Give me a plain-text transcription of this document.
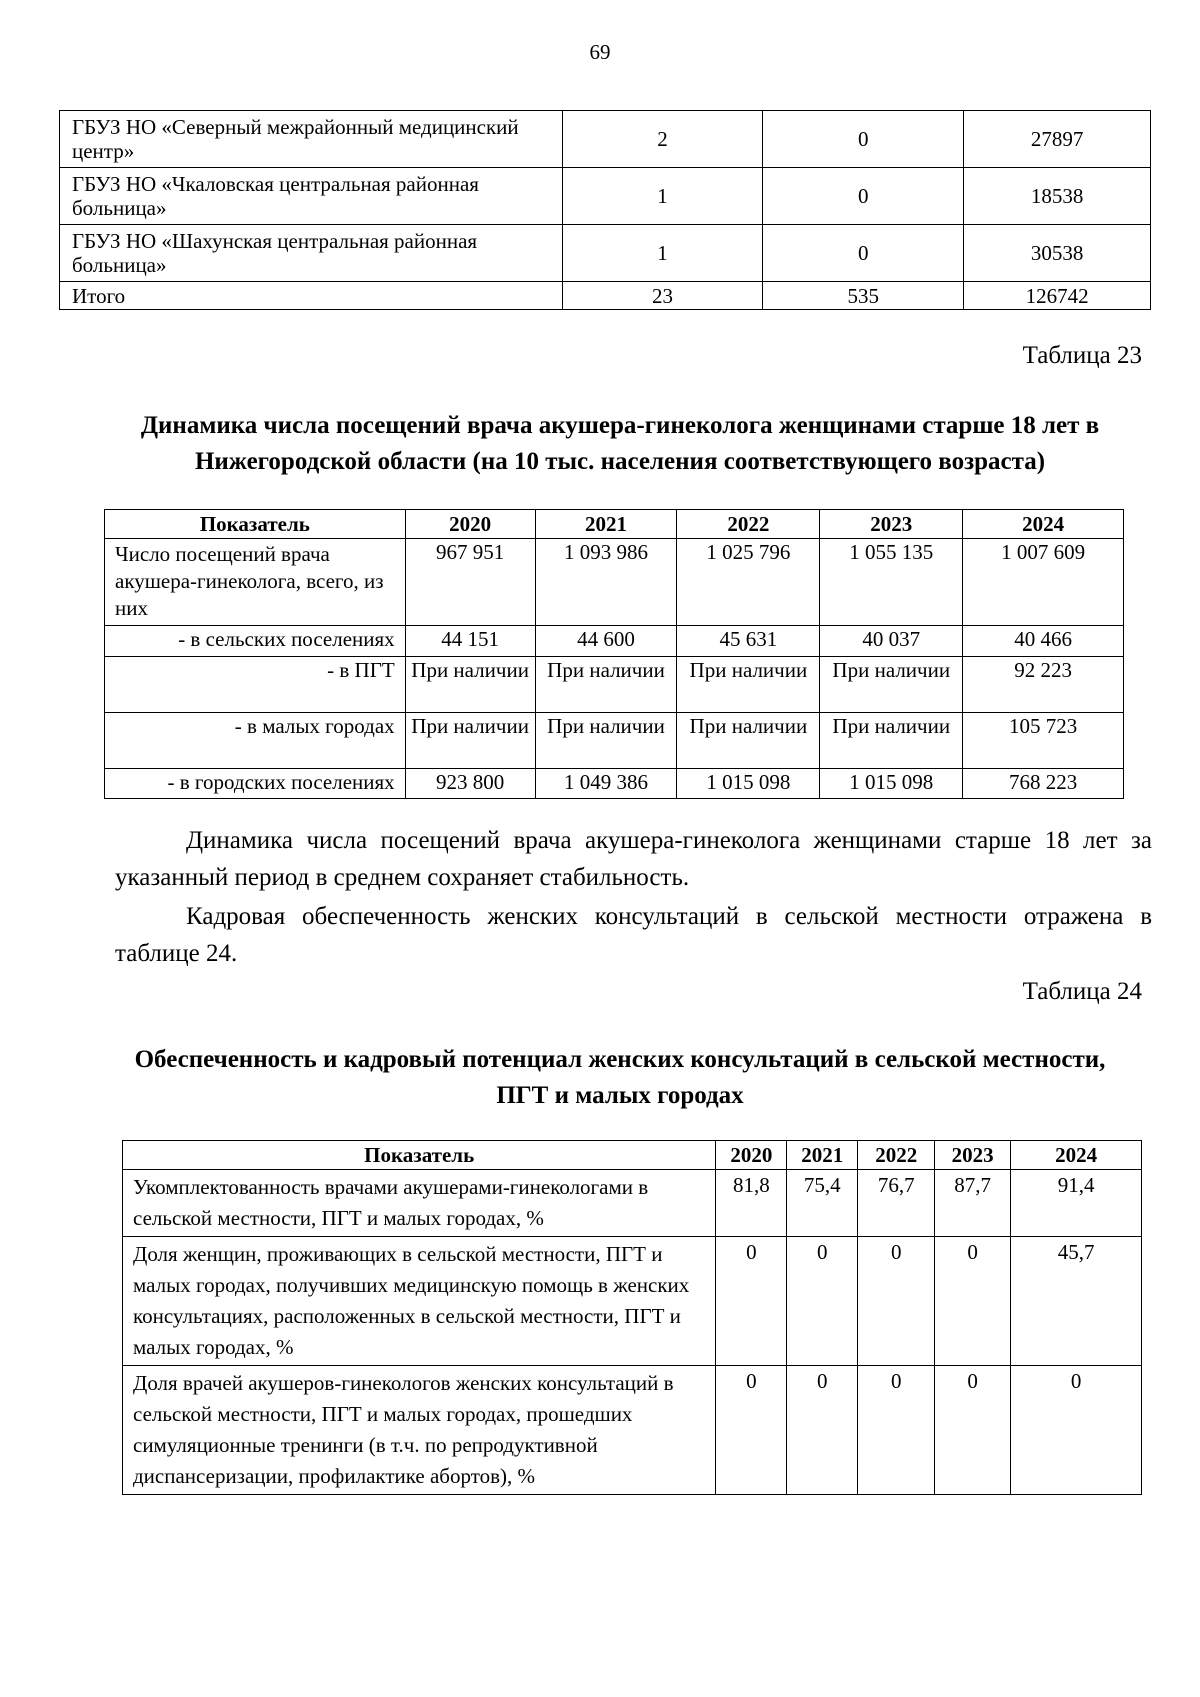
69
ГБУЗ НО «Северный межрайонный медицинский центр»	2	0	27897
ГБУЗ НО «Чкаловская центральная районная больница»	1	0	18538
ГБУЗ НО «Шахунская центральная районная больница»	1	0	30538
Итого	23	535	126742
Таблица 23
Динамика числа посещений врача акушера-гинеколога женщинами старше 18 лет в Нижегородской области (на 10 тыс. населения соответствующего возраста)
Показатель	2020	2021	2022	2023	2024
Число посещений врача акушера-гинеколога, всего, из них	967 951	1 093 986	1 025 796	1 055 135	1 007 609
- в сельских поселениях	44 151	44 600	45 631	40 037	40 466
- в ПГТ	При наличии	При наличии	При наличии	При наличии	92 223
- в малых городах	При наличии	При наличии	При наличии	При наличии	105 723
- в городских поселениях	923 800	1 049 386	1 015 098	1 015 098	768 223
Динамика числа посещений врача акушера-гинеколога женщинами старше 18 лет за указанный период в среднем сохраняет стабильность.
Кадровая обеспеченность женских консультаций в сельской местности отражена в таблице 24.
Таблица 24
Обеспеченность и кадровый потенциал женских консультаций в сельской местности, ПГТ и малых городах
Показатель	2020	2021	2022	2023	2024
Укомплектованность врачами акушерами-гинекологами в сельской местности, ПГТ и малых городах, %	81,8	75,4	76,7	87,7	91,4
Доля женщин, проживающих в сельской местности, ПГТ и малых городах, получивших медицинскую помощь в женских консультациях, расположенных в сельской местности, ПГТ и малых городах, %	0	0	0	0	45,7
Доля врачей акушеров-гинекологов женских консультаций в сельской местности, ПГТ и малых городах, прошедших симуляционные тренинги (в т.ч. по репродуктивной диспансеризации, профилактике абортов), %	0	0	0	0	0
